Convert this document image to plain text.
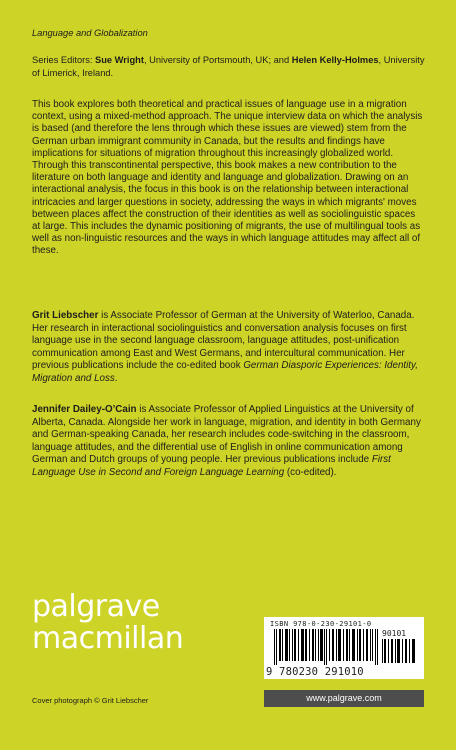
Language and Globalization

Series Editors: Sue Wright, University of Portsmouth, UK; and Helen Kelly-Holmes, University of Limerick, Ireland.

This book explores both theoretical and practical issues of language use in a migration context, using a mixed-method approach. The unique interview data on which the analysis is based (and therefore the lens through which these issues are viewed) stem from the German urban immigrant community in Canada, but the results and findings have implications for situations of migration throughout this increasingly globalized world. Through this transcontinental perspective, this book makes a new contribution to the literature on both language and identity and language and globalization. Drawing on an interactional analysis, the focus in this book is on the relationship between interactional intricacies and larger questions in society, addressing the ways in which migrants' moves between places affect the construction of their identities as well as sociolinguistic spaces at large. This includes the dynamic positioning of migrants, the use of multilingual tools as well as non-linguistic resources and the ways in which language attitudes may affect all of these.

Grit Liebscher is Associate Professor of German at the University of Waterloo, Canada. Her research in interactional sociolinguistics and conversation analysis focuses on first language use in the second language classroom, language attitudes, post-unification communication among East and West Germans, and intercultural communication. Her previous publications include the co-edited book German Diasporic Experiences: Identity, Migration and Loss.

Jennifer Dailey-O’Cain is Associate Professor of Applied Linguistics at the University of Alberta, Canada. Alongside her work in language, migration, and identity in both Germany and German-speaking Canada, her research includes code-switching in the classroom, language attitudes, and the differential use of English in online communication among German and Dutch groups of young people. Her previous publications include First Language Use in Second and Foreign Language Learning (co-edited).

palgrave
macmillan	ISBN 978-0-230-29101-0
90101
9 780230 291010
www.palgrave.com
Cover photograph © Grit Liebscher
